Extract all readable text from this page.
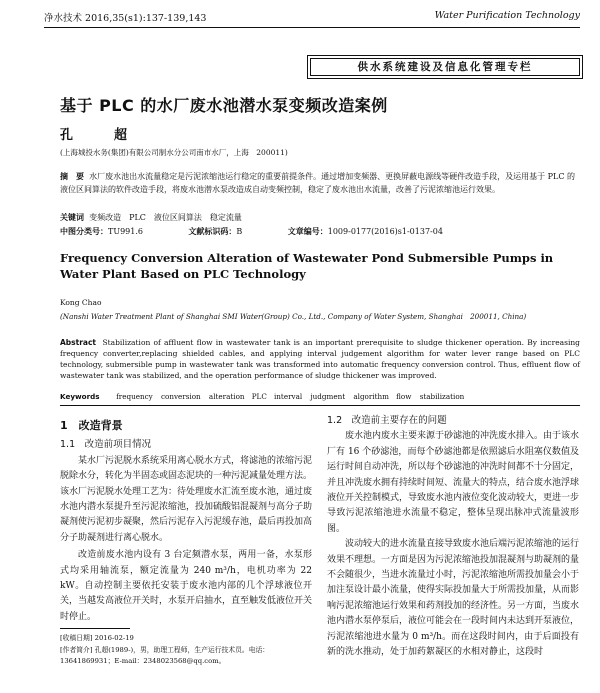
净水技术 2016,35(s1):137-139,143	Water Purification Technology
供水系统建设及信息化管理专栏
基于 PLC 的水厂废水池潜水泵变频改造案例
孔　超
(上海城投水务(集团)有限公司制水分公司南市水厂，上海　200011)
摘　要 水厂废水池出水流量稳定是污泥浓缩池运行稳定的重要前提条件。通过增加变频器、更换屏蔽电源线等硬件改造手段，及运用基于 PLC 的液位区间算法的软件改造手段，将废水池潜水泵改造成自动变频控制，稳定了废水池出水流量，改善了污泥浓缩池运行效果。
关键词 变频改造　PLC　液位区间算法　稳定流量
中图分类号：TU991.6	文献标识码：B	文章编号：1009-0177(2016)s1-0137-04
Frequency Conversion Alteration of Wastewater Pond Submersible Pumps in Water Plant Based on PLC Technology
Kong Chao
(Nanshi Water Treatment Plant of Shanghai SMI Water(Group) Co., Ltd., Company of Water System, Shanghai　200011, China)
Abstract Stabilization of affluent flow in wastewater tank is an important prerequisite to sludge thickener operation. By increasing frequency converter,replacing shielded cables, and applying interval judgement algorithm for water lever range based on PLC technology, submersible pump in wastewater tank was transformed into automatic frequency conversion control. Thus, effluent flow of wastewater tank was stabilized, and the operation performance of sludge thickener was improved.
Keywords frequency conversion alteration　PLC　interval judgment algorithm　flow stabilization
1　改造背景
1.1　改造前项目情况

某水厂污泥脱水系统采用离心脱水方式，将滤池的浓缩污泥脱除水分，转化为半固态或固态泥块的一种污泥减量处理方法。该水厂污泥脱水处理工艺为：待处理废水汇流至废水池，通过废水池内潜水泵提升至污泥浓缩池，投加硫酸铝混凝剂与高分子助凝剂使污泥初步凝聚，然后污泥存入污泥缓存池，最后再投加高分子助凝剂进行离心脱水。

改造前废水池内设有 3 台定频潜水泵，两用一备，水泵形式均采用轴流泵，额定流量为 240 m³/h，电机功率为 22 kW。自动控制主要依托安装于废水池内部的几个浮球液位开关，当越发高液位开关时，水泵开启抽水，直至触发低液位开关时停止。

[收稿日期] 2016-02-19
[作者简介] 孔超(1989-)，男，助理工程师，生产运行技术员。电话：13641869931；E-mail：2348023568@qq.com。
1.2　改造前主要存在的问题

废水池内废水主要来源于砂滤池的冲洗废水排入。由于该水厂有 16 个砂滤池，而每个砂滤池都是依照滤后水阻塞仪数值及运行时间自动冲洗，所以每个砂滤池的冲洗时间都不十分固定，并且冲洗废水拥有持续时间短、流量大的特点，结合废水池浮球液位开关控制模式，导致废水池内液位变化波动较大，更进一步导致污泥浓缩池进水流量不稳定，整体呈现出脉冲式流量波形图。

波动较大的进水流量直接导致废水池后端污泥浓缩池的运行效果不理想。一方面是因为污泥浓缩池投加混凝剂与助凝剂的量不会随很少，当进水流量过小时，污泥浓缩池所需投加量会小于加注泵设计最小流量，使得实际投加量大于所需投加量，从而影响污泥浓缩池运行效果和药剂投加的经济性。另一方面，当废水池内潜水泵停泵后，液位可能会在一段时间内未达到开泵液位，污泥浓缩池进水量为 0 m³/h。而在这段时间内，由于后面投有新的洗水推动，处于加药絮凝区的水相对静止，这段时
